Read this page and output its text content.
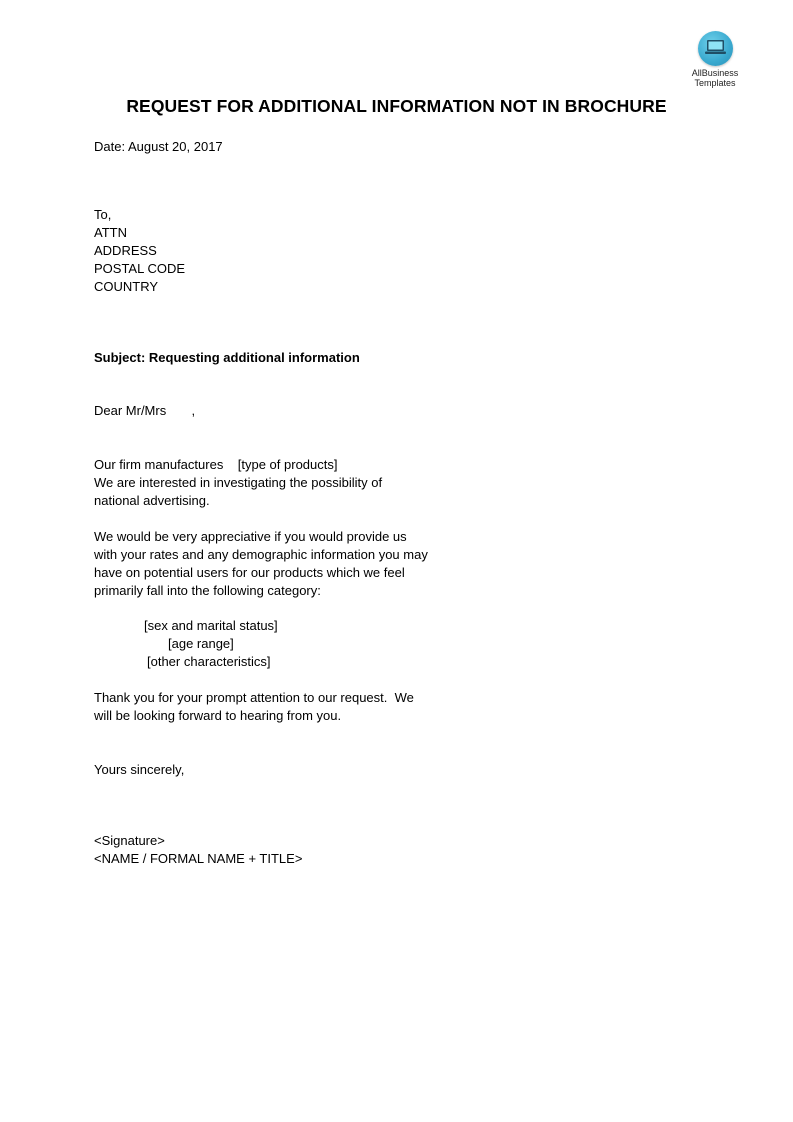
AllBusiness
Templates
REQUEST FOR ADDITIONAL INFORMATION NOT IN BROCHURE
Date: August 20, 2017
To,
ATTN
ADDRESS
POSTAL CODE
COUNTRY
Subject: Requesting additional information
Dear Mr/Mrs       ,
Our firm manufactures    [type of products]
We are interested in investigating the possibility of
national advertising.
We would be very appreciative if you would provide us
with your rates and any demographic information you may
have on potential users for our products which we feel
primarily fall into the following category:
[sex and marital status]
[age range]
[other characteristics]
Thank you for your prompt attention to our request.  We
will be looking forward to hearing from you.
Yours sincerely,
<Signature>
<NAME / FORMAL NAME + TITLE>
